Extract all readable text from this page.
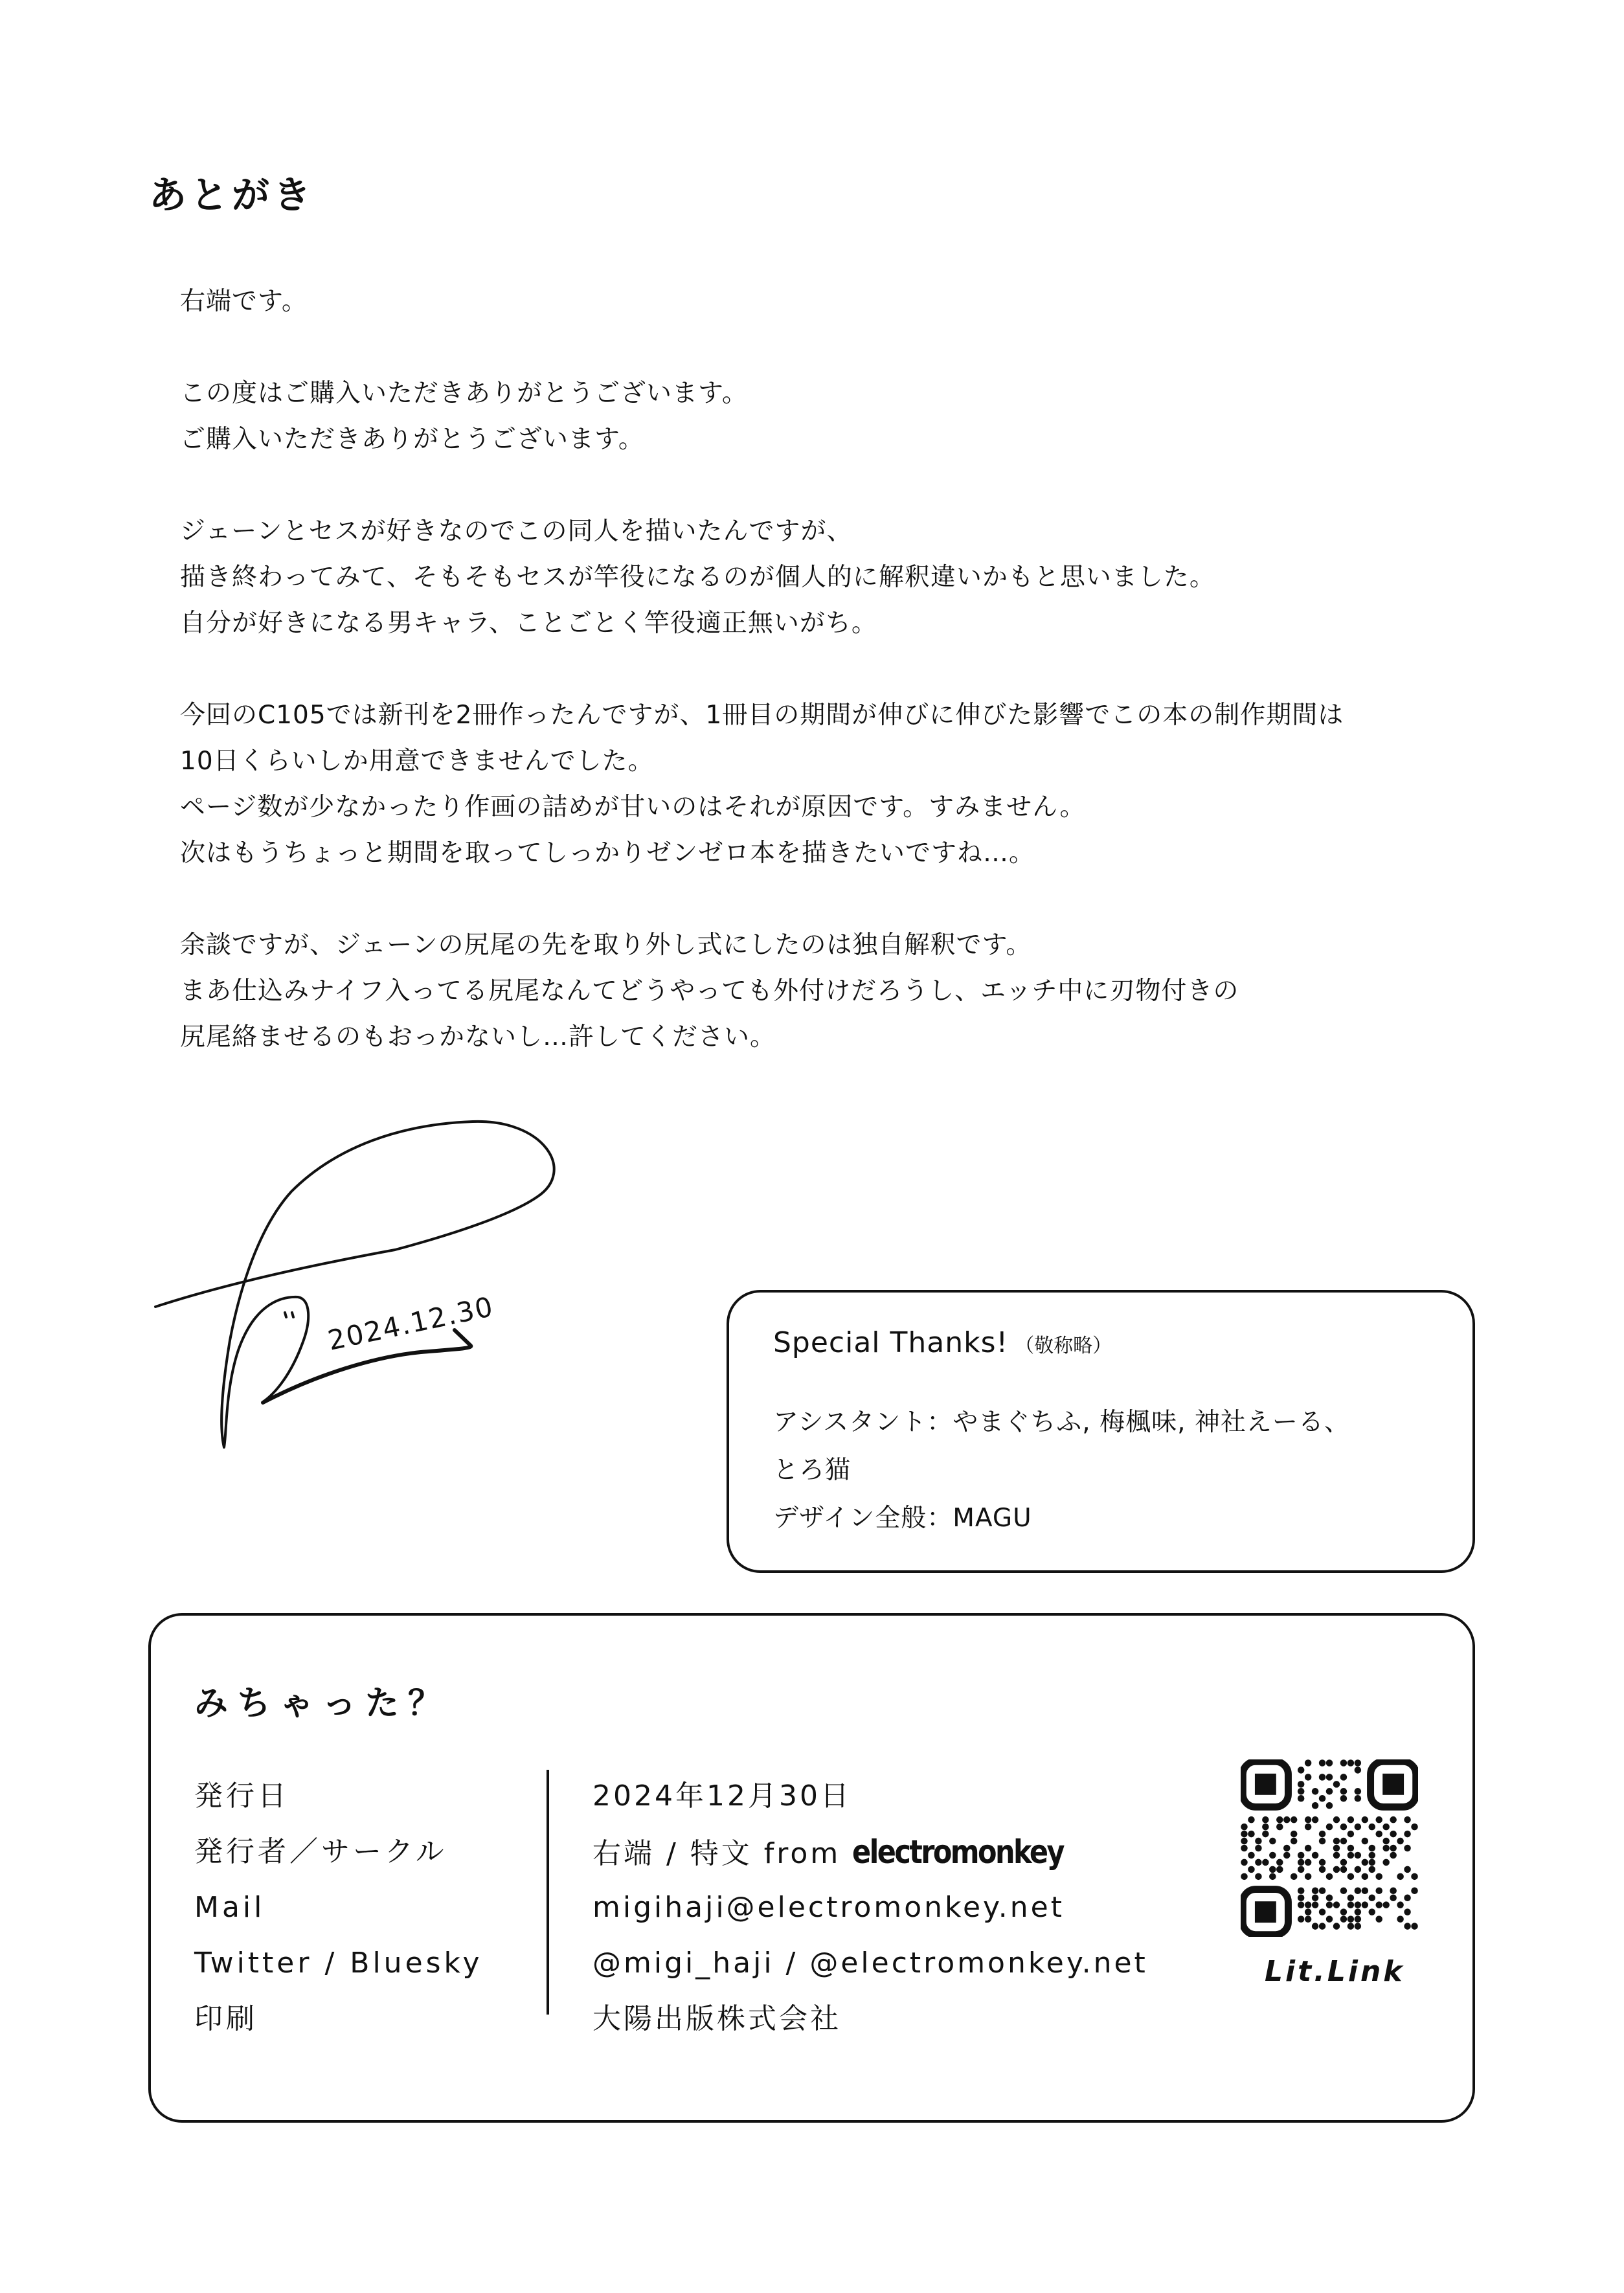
あとがき
右端です。
この度はご購入いただきありがとうございます。
ご購入いただきありがとうございます。
ジェーンとセスが好きなのでこの同人を描いたんですが、
描き終わってみて、そもそもセスが竿役になるのが個人的に解釈違いかもと思いました。
自分が好きになる男キャラ、ことごとく竿役適正無いがち。
今回のC105では新刊を2冊作ったんですが、1冊目の期間が伸びに伸びた影響でこの本の制作期間は
10日くらいしか用意できませんでした。
ページ数が少なかったり作画の詰めが甘いのはそれが原因です。すみません。
次はもうちょっと期間を取ってしっかりゼンゼロ本を描きたいですね…。
余談ですが、ジェーンの尻尾の先を取り外し式にしたのは独自解釈です。
まあ仕込みナイフ入ってる尻尾なんてどうやっても外付けだろうし、エッチ中に刃物付きの
尻尾絡ませるのもおっかないし…許してください。
2024.12.30	Special Thanks! （敬称略）
アシスタント：やまぐちふ, 梅楓味, 神社えーる、
とろ猫
デザイン全般：MAGU
みちゃった？
発行日
発行者／サークル
Mail
Twitter / Bluesky
印刷
2024年12月30日
右端 / 特文 from electromonkey
migihaji@electromonkey.net
@migi_haji / @electromonkey.net
大陽出版株式会社
Lit.Link
